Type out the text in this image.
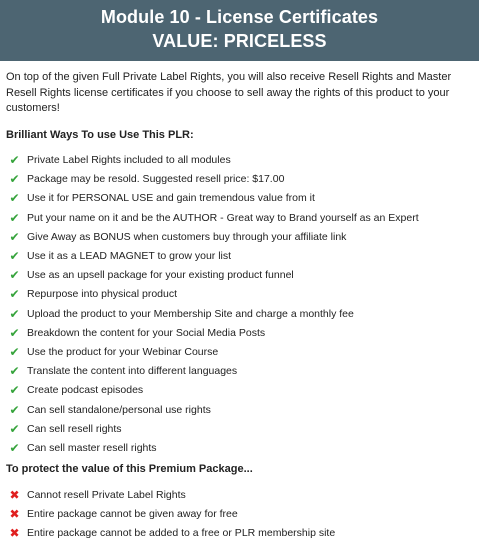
Module 10 - License Certificates
VALUE: PRICELESS

On top of the given Full Private Label Rights, you will also receive Resell Rights and Master Resell Rights license certificates if you choose to sell away the rights of this product to your customers!

Brilliant Ways To use Use This PLR:
✔ Private Label Rights included to all modules
✔ Package may be resold. Suggested resell price: $17.00
✔ Use it for PERSONAL USE and gain tremendous value from it
✔ Put your name on it and be the AUTHOR - Great way to Brand yourself as an Expert
✔ Give Away as BONUS when customers buy through your affiliate link
✔ Use it as a LEAD MAGNET to grow your list
✔ Use as an upsell package for your existing product funnel
✔ Repurpose into physical product
✔ Upload the product to your Membership Site and charge a monthly fee
✔ Breakdown the content for your Social Media Posts
✔ Use the product for your Webinar Course
✔ Translate the content into different languages
✔ Create podcast episodes
✔ Can sell standalone/personal use rights
✔ Can sell resell rights
✔ Can sell master resell rights
To protect the value of this Premium Package...
✖ Cannot resell Private Label Rights
✖ Entire package cannot be given away for free
✖ Entire package cannot be added to a free or PLR membership site
